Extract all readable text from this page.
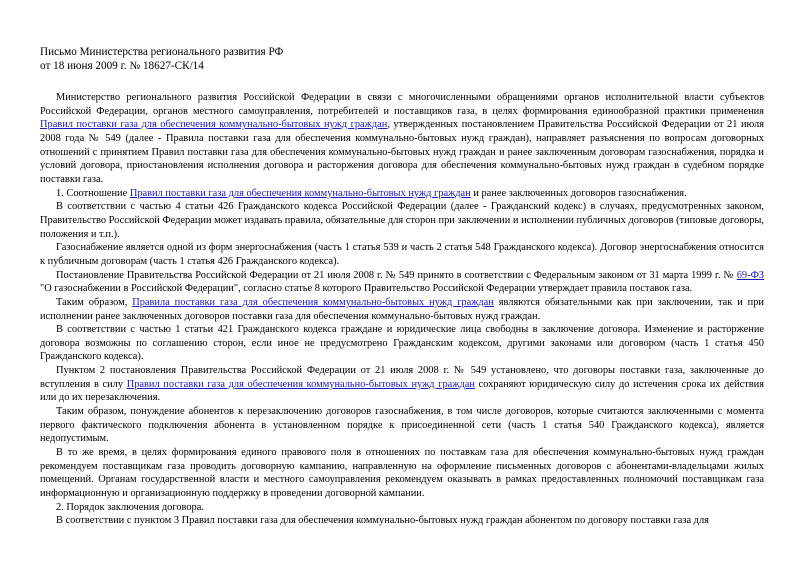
Письмо Министерства регионального развития РФ
от 18 июня 2009 г. № 18627-СК/14

Министерство регионального развития Российской Федерации в связи с многочисленными обращениями органов исполнительной власти субъектов Российской Федерации, органов местного самоуправления, потребителей и поставщиков газа, в целях формирования единообразной практики применения Правил поставки газа для обеспечения коммунально-бытовых нужд граждан, утвержденных постановлением Правительства Российской Федерации от 21 июля 2008 года № 549 (далее - Правила поставки газа для обеспечения коммунально-бытовых нужд граждан), направляет разъяснения по вопросам договорных отношений с принятием Правил поставки газа для обеспечения коммунально-бытовых нужд граждан и ранее заключенным договорам газоснабжения, порядка и условий договора, приостановления исполнения договора и расторжения договора для обеспечения коммунально-бытовых нужд граждан в судебном порядке поставки газа.

1. Соотношение Правил поставки газа для обеспечения коммунально-бытовых нужд граждан и ранее заключенных договоров газоснабжения.

В соответствии с частью 4 статьи 426 Гражданского кодекса Российской Федерации (далее - Гражданский кодекс) в случаях, предусмотренных законом, Правительство Российской Федерации может издавать правила, обязательные для сторон при заключении и исполнении публичных договоров (типовые договоры, положения и т.п.).

Газоснабжение является одной из форм энергоснабжения (часть 1 статья 539 и часть 2 статья 548 Гражданского кодекса). Договор энергоснабжения относится к публичным договорам (часть 1 статья 426 Гражданского кодекса).

Постановление Правительства Российской Федерации от 21 июля 2008 г. № 549 принято в соответствии с Федеральным законом от 31 марта 1999 г. № 69-ФЗ "О газоснабжении в Российской Федерации", согласно статье 8 которого Правительство Российской Федерации утверждает правила поставок газа.

Таким образом, Правила поставки газа для обеспечения коммунально-бытовых нужд граждан являются обязательными как при заключении, так и при исполнении ранее заключенных договоров поставки газа для обеспечения коммунально-бытовых нужд граждан.

В соответствии с частью 1 статьи 421 Гражданского кодекса граждане и юридические лица свободны в заключение договора. Изменение и расторжение договора возможны по соглашению сторон, если иное не предусмотрено Гражданским кодексом, другими законами или договором (часть 1 статья 450 Гражданского кодекса).

Пунктом 2 постановления Правительства Российской Федерации от 21 июля 2008 г. № 549 установлено, что договоры поставки газа, заключенные до вступления в силу Правил поставки газа для обеспечения коммунально-бытовых нужд граждан сохраняют юридическую силу до истечения срока их действия или до их перезаключения.

Таким образом, понуждение абонентов к перезаключению договоров газоснабжения, в том числе договоров, которые считаются заключенными с момента первого фактического подключения абонента в установленном порядке к присоединенной сети (часть 1 статья 540 Гражданского кодекса), является недопустимым.

В то же время, в целях формирования единого правового поля в отношениях по поставкам газа для обеспечения коммунально-бытовых нужд граждан рекомендуем поставщикам газа проводить договорную кампанию, направленную на оформление письменных договоров с абонентами-владельцами жилых помещений. Органам государственной власти и местного самоуправления рекомендуем оказывать в рамках предоставленных полномочий поставщикам газа информационную и организационную поддержку в проведении договорной кампании.

2. Порядок заключения договора.

В соответствии с пунктом 3 Правил поставки газа для обеспечения коммунально-бытовых нужд граждан абонентом по договору поставки газа для
